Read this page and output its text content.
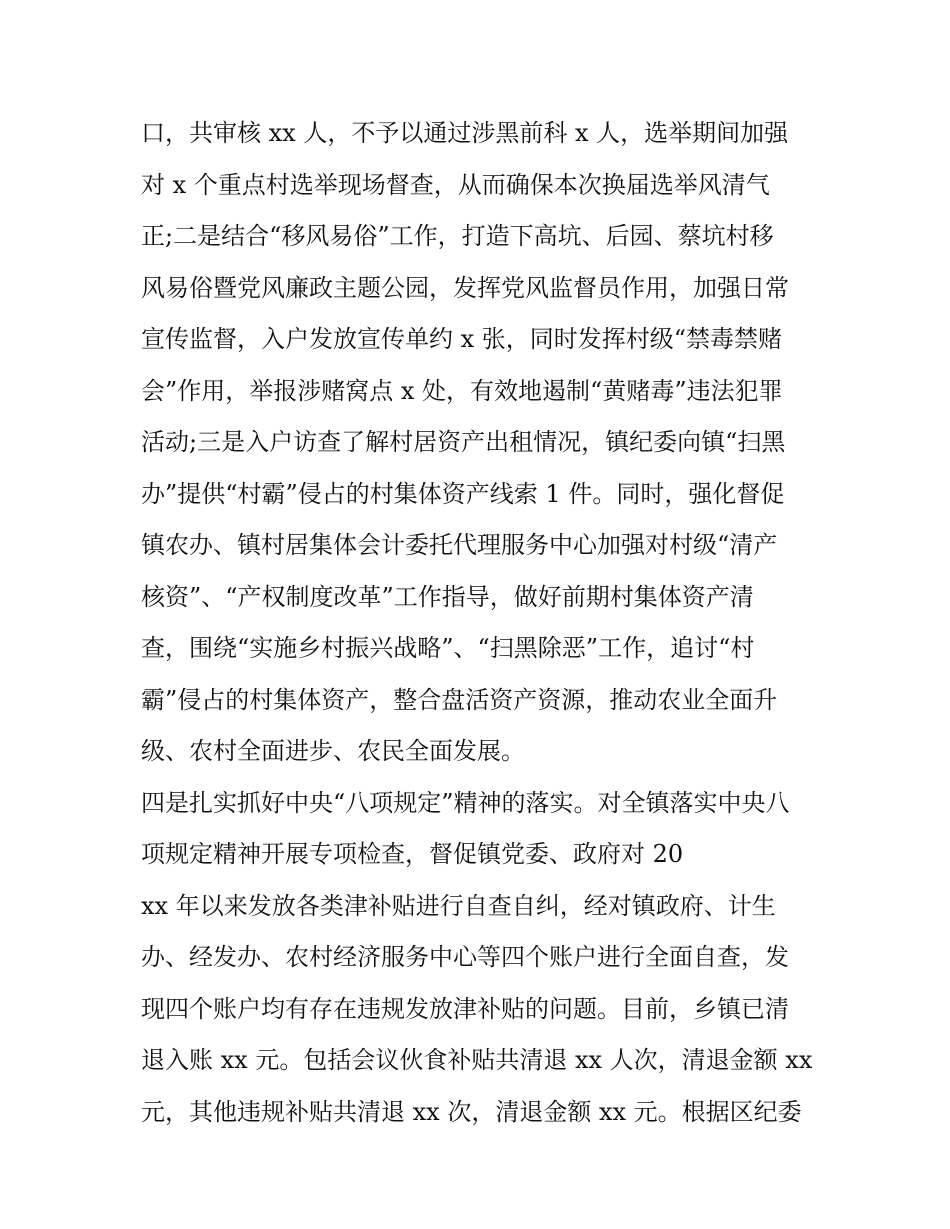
口，共审核 xx 人，不予以通过涉黑前科 x 人，选举期间加强
对 x 个重点村选举现场督查，从而确保本次换届选举风清气
正;二是结合“移风易俗”工作，打造下高坑、后园、蔡坑村移
风易俗暨党风廉政主题公园，发挥党风监督员作用，加强日常
宣传监督，入户发放宣传单约 x 张，同时发挥村级“禁毒禁赌
会”作用，举报涉赌窝点 x 处，有效地遏制“黄赌毒”违法犯罪
活动;三是入户访查了解村居资产出租情况，镇纪委向镇“扫黑
办”提供“村霸”侵占的村集体资产线索 1 件。同时，强化督促
镇农办、镇村居集体会计委托代理服务中心加强对村级“清产
核资”、“产权制度改革”工作指导，做好前期村集体资产清
查，围绕“实施乡村振兴战略”、“扫黑除恶”工作，追讨“村
霸”侵占的村集体资产，整合盘活资产资源，推动农业全面升
级、农村全面进步、农民全面发展。
四是扎实抓好中央“八项规定”精神的落实。对全镇落实中央八
项规定精神开展专项检查，督促镇党委、政府对 20
xx 年以来发放各类津补贴进行自查自纠，经对镇政府、计生
办、经发办、农村经济服务中心等四个账户进行全面自查，发
现四个账户均有存在违规发放津补贴的问题。目前，乡镇已清
退入账 xx 元。包括会议伙食补贴共清退 xx 人次，清退金额 xx
元，其他违规补贴共清退 xx 次，清退金额 xx 元。根据区纪委
